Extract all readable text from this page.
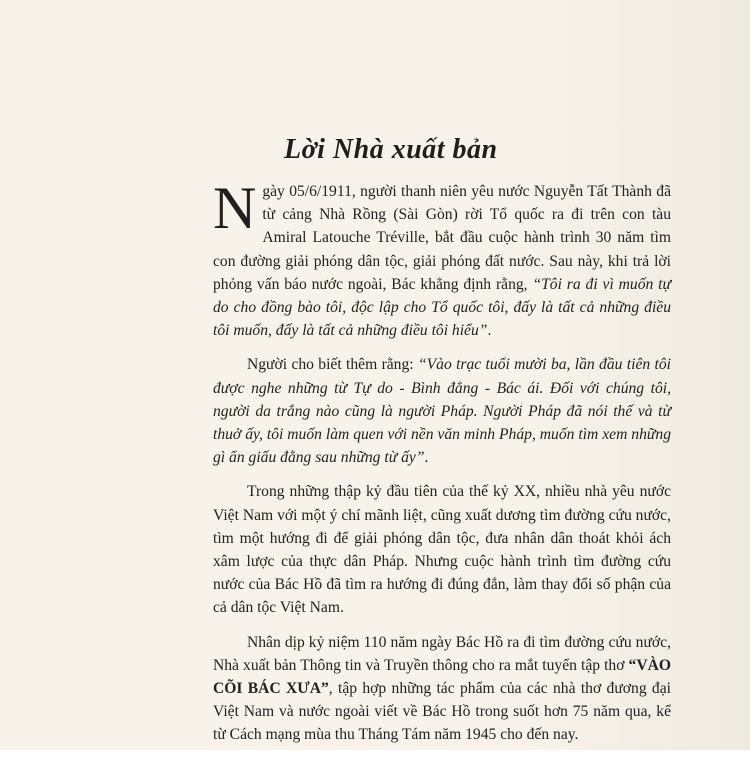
Lời Nhà xuất bản

Ngày 05/6/1911, người thanh niên yêu nước Nguyễn Tất Thành đã từ cảng Nhà Rồng (Sài Gòn) rời Tổ quốc ra đi trên con tàu Amiral Latouche Tréville, bắt đầu cuộc hành trình 30 năm tìm con đường giải phóng dân tộc, giải phóng đất nước. Sau này, khi trả lời phỏng vấn báo nước ngoài, Bác khẳng định rằng, “Tôi ra đi vì muốn tự do cho đồng bào tôi, độc lập cho Tổ quốc tôi, đấy là tất cả những điều tôi muốn, đấy là tất cả những điều tôi hiểu”.

Người cho biết thêm rằng: “Vào trạc tuổi mười ba, lần đầu tiên tôi được nghe những từ Tự do - Bình đẳng - Bác ái. Đối với chúng tôi, người da trắng nào cũng là người Pháp. Người Pháp đã nói thế và từ thuở ấy, tôi muốn làm quen với nền văn minh Pháp, muốn tìm xem những gì ẩn giấu đằng sau những từ ấy”.

Trong những thập kỷ đầu tiên của thế kỷ XX, nhiều nhà yêu nước Việt Nam với một ý chí mãnh liệt, cũng xuất dương tìm đường cứu nước, tìm một hướng đi để giải phóng dân tộc, đưa nhân dân thoát khỏi ách xâm lược của thực dân Pháp. Nhưng cuộc hành trình tìm đường cứu nước của Bác Hồ đã tìm ra hướng đi đúng đắn, làm thay đổi số phận của cả dân tộc Việt Nam.

Nhân dịp kỷ niệm 110 năm ngày Bác Hồ ra đi tìm đường cứu nước, Nhà xuất bản Thông tin và Truyền thông cho ra mắt tuyển tập thơ “VÀO CÕI BÁC XƯA”, tập hợp những tác phẩm của các nhà thơ đương đại Việt Nam và nước ngoài viết về Bác Hồ trong suốt hơn 75 năm qua, kể từ Cách mạng mùa thu Tháng Tám năm 1945 cho đến nay.
